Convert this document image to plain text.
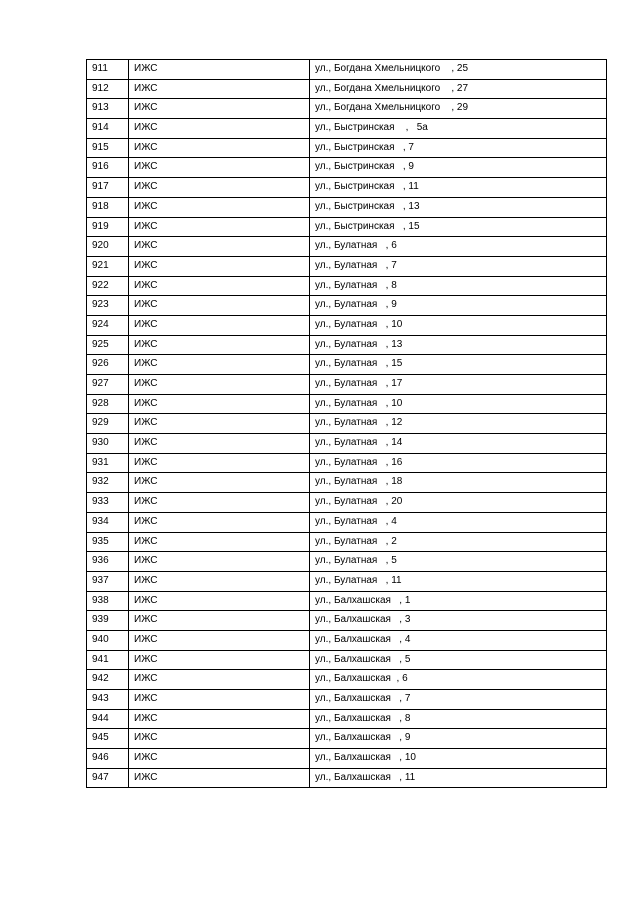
911	ИЖС	ул., Богдана Хмельницкого    , 25
912	ИЖС	ул., Богдана Хмельницкого    , 27
913	ИЖС	ул., Богдана Хмельницкого    , 29
914	ИЖС	ул., Быстринская    ,   5а
915	ИЖС	ул., Быстринская   , 7
916	ИЖС	ул., Быстринская   , 9
917	ИЖС	ул., Быстринская   , 11
918	ИЖС	ул., Быстринская   , 13
919	ИЖС	ул., Быстринская   , 15
920	ИЖС	ул., Булатная   , 6
921	ИЖС	ул., Булатная   , 7
922	ИЖС	ул., Булатная   , 8
923	ИЖС	ул., Булатная   , 9
924	ИЖС	ул., Булатная   , 10
925	ИЖС	ул., Булатная   , 13
926	ИЖС	ул., Булатная   , 15
927	ИЖС	ул., Булатная   , 17
928	ИЖС	ул., Булатная   , 10
929	ИЖС	ул., Булатная   , 12
930	ИЖС	ул., Булатная   , 14
931	ИЖС	ул., Булатная   , 16
932	ИЖС	ул., Булатная   , 18
933	ИЖС	ул., Булатная   , 20
934	ИЖС	ул., Булатная   , 4
935	ИЖС	ул., Булатная   , 2
936	ИЖС	ул., Булатная   , 5
937	ИЖС	ул., Булатная   , 11
938	ИЖС	ул., Балхашская   , 1
939	ИЖС	ул., Балхашская   , 3
940	ИЖС	ул., Балхашская   , 4
941	ИЖС	ул., Балхашская   , 5
942	ИЖС	ул., Балхашская  , 6
943	ИЖС	ул., Балхашская   , 7
944	ИЖС	ул., Балхашская   , 8
945	ИЖС	ул., Балхашская   , 9
946	ИЖС	ул., Балхашская   , 10
947	ИЖС	ул., Балхашская   , 11
